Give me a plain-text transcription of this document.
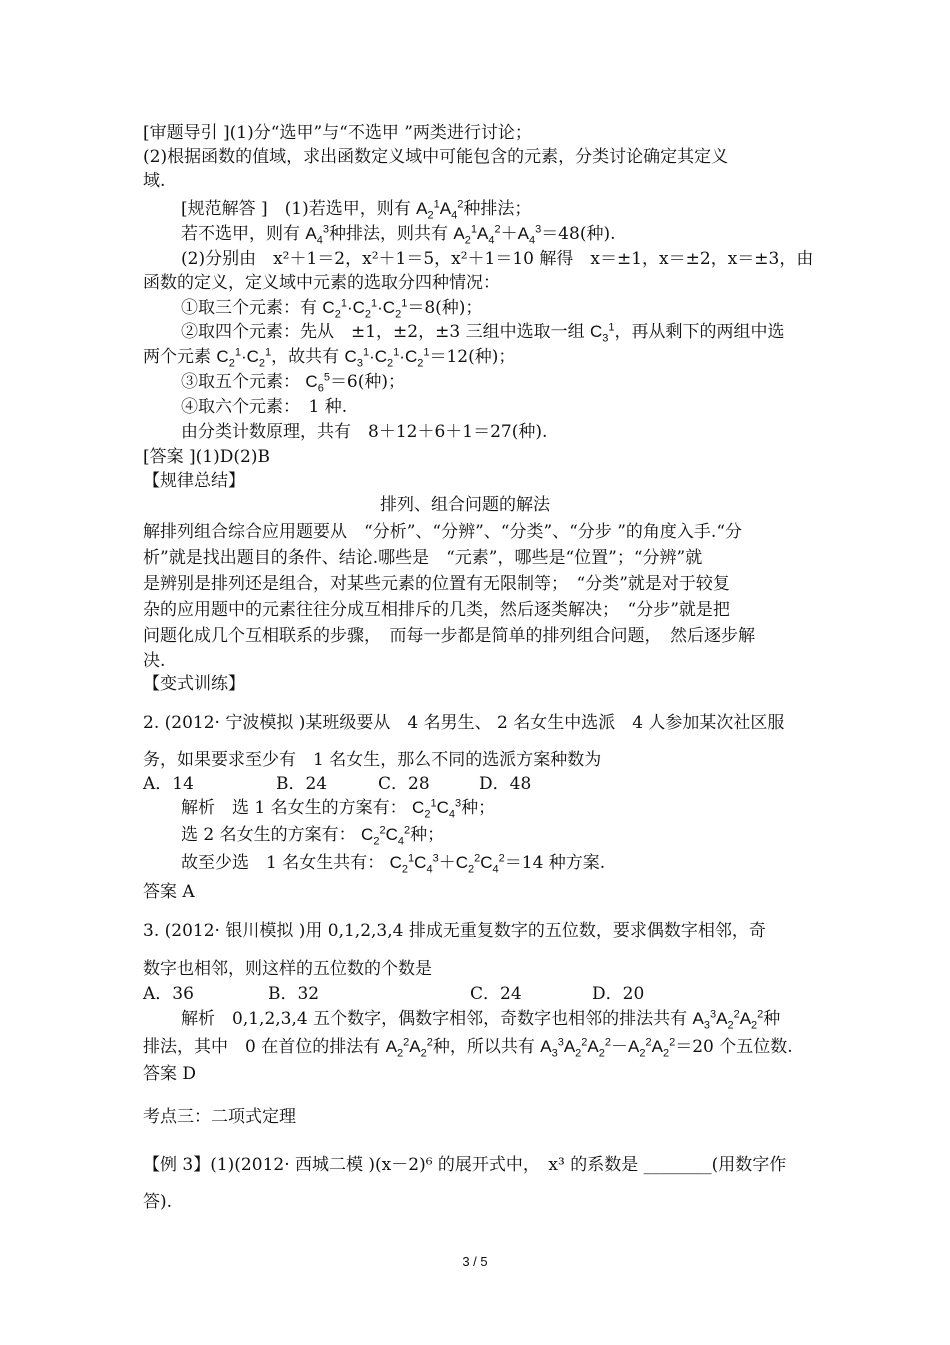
[审题导引 ](1)分“选甲”与“不选甲 ”两类进行讨论；
(2)根据函数的值域，求出函数定义域中可能包含的元素，分类讨论确定其定义
域.
[规范解答 ]　(1)若选甲，则有 $A_2^1A_4^2$种排法；
若不选甲，则有 $A_4^3$种排法，则共有 $A_2^1A_4^2+A_4^3=48$(种).
(2)分别由　x²＋1＝2，x²＋1＝5，x²＋1＝10 解得　x＝±1，x＝±2，x＝±3，由
函数的定义，定义域中元素的选取分四种情况：
①取三个元素：有 $C_2^1\cdot C_2^1\cdot C_2^1=8$(种)；
②取四个元素：先从　±1，±2，±3 三组中选取一组 $C_3^1$，再从剩下的两组中选
两个元素 $C_2^1\cdot C_2^1$，故共有 $C_3^1\cdot C_2^1\cdot C_2^1=12$(种)；
③取五个元素： $C_6^5=6$(种)；
④取六个元素：　1 种.
由分类计数原理，共有　8＋12＋6＋1＝27(种).
[答案 ](1)D(2)B
【规律总结】
排列、组合问题的解法
解排列组合综合应用题要从　“分析”、“分辨”、“分类”、“分步 ”的角度入手.“分
析”就是找出题目的条件、结论.哪些是　“元素”，哪些是“位置”；“分辨”就
是辨别是排列还是组合，对某些元素的位置有无限制等；　“分类”就是对于较复
杂的应用题中的元素往往分成互相排斥的几类，然后逐类解决；　“分步”就是把
问题化成几个互相联系的步骤，　而每一步都是简单的排列组合问题，　然后逐步解
决.
【变式训练】
2. (2012· 宁波模拟 )某班级要从　4 名男生、 2 名女生中选派　4 人参加某次社区服
务，如果要求至少有　1 名女生，那么不同的选派方案种数为
A．14	B．24	C．28	D．48
解析　选 1 名女生的方案有： $C_2^1C_4^3$种；
选 2 名女生的方案有： $C_2^2C_4^2$种；
故至少选　1 名女生共有： $C_2^1C_4^3+C_2^2C_4^2=14$ 种方案.
答案 A
3. (2012· 银川模拟 )用 0,1,2,3,4 排成无重复数字的五位数，要求偶数字相邻，奇
数字也相邻，则这样的五位数的个数是
A．36	B．32	C．24	D．20
解析　0,1,2,3,4 五个数字，偶数字相邻，奇数字也相邻的排法共有 $A_3^3A_2^2A_2^2$种
排法，其中　0 在首位的排法有 $A_2^2A_2^2$种，所以共有 $A_3^3A_2^2A_2^2-A_2^2A_2^2=20$ 个五位数.
答案 D
考点三：二项式定理
【例 3】(1)(2012· 西城二模 )(x－2)⁶ 的展开式中，　x³ 的系数是 ________(用数字作
答).
3 / 5
